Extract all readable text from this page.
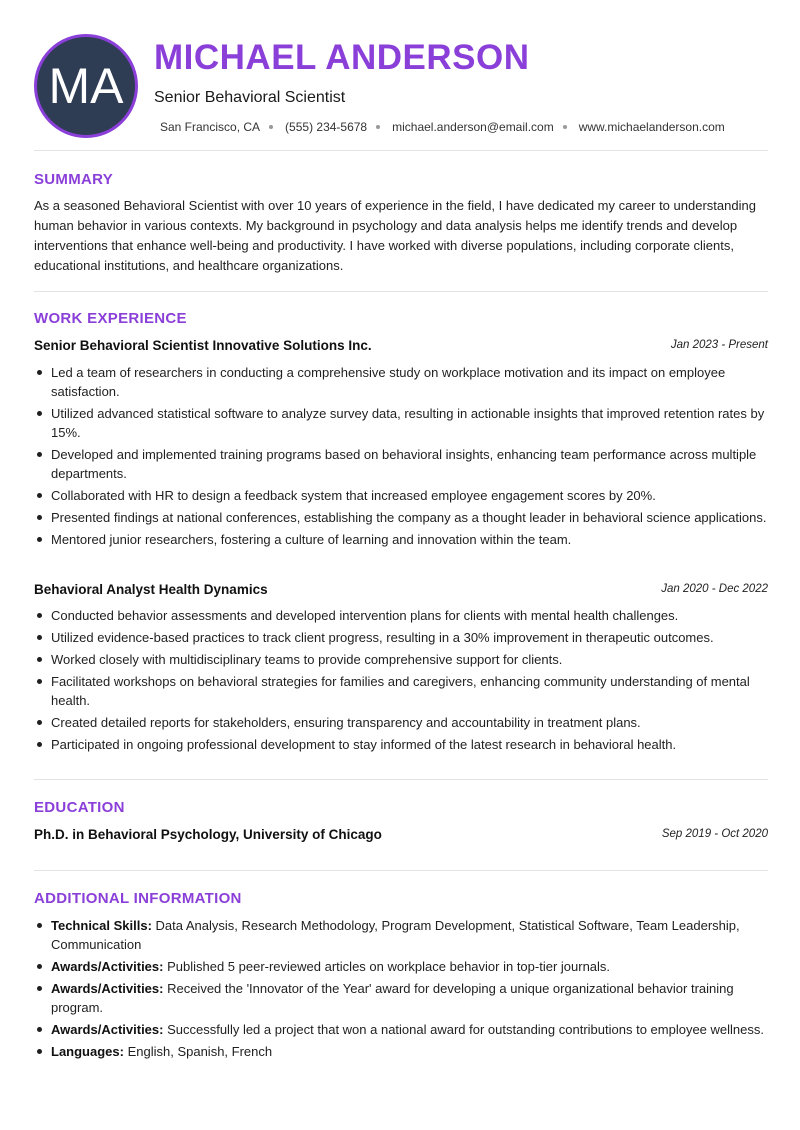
MA
MICHAEL ANDERSON
Senior Behavioral Scientist
San Francisco, CA (555) 234-5678 michael.anderson@email.com www.michaelanderson.com
SUMMARY
As a seasoned Behavioral Scientist with over 10 years of experience in the field, I have dedicated my career to understanding human behavior in various contexts. My background in psychology and data analysis helps me identify trends and develop interventions that enhance well-being and productivity. I have worked with diverse populations, including corporate clients, educational institutions, and healthcare organizations.
WORK EXPERIENCE
Senior Behavioral Scientist Innovative Solutions Inc.	Jan 2023 - Present
Led a team of researchers in conducting a comprehensive study on workplace motivation and its impact on employee satisfaction.
Utilized advanced statistical software to analyze survey data, resulting in actionable insights that improved retention rates by 15%.
Developed and implemented training programs based on behavioral insights, enhancing team performance across multiple departments.
Collaborated with HR to design a feedback system that increased employee engagement scores by 20%.
Presented findings at national conferences, establishing the company as a thought leader in behavioral science applications.
Mentored junior researchers, fostering a culture of learning and innovation within the team.
Behavioral Analyst Health Dynamics	Jan 2020 - Dec 2022
Conducted behavior assessments and developed intervention plans for clients with mental health challenges.
Utilized evidence-based practices to track client progress, resulting in a 30% improvement in therapeutic outcomes.
Worked closely with multidisciplinary teams to provide comprehensive support for clients.
Facilitated workshops on behavioral strategies for families and caregivers, enhancing community understanding of mental health.
Created detailed reports for stakeholders, ensuring transparency and accountability in treatment plans.
Participated in ongoing professional development to stay informed of the latest research in behavioral health.
EDUCATION
Ph.D. in Behavioral Psychology, University of Chicago	Sep 2019 - Oct 2020
ADDITIONAL INFORMATION
Technical Skills: Data Analysis, Research Methodology, Program Development, Statistical Software, Team Leadership, Communication
Awards/Activities: Published 5 peer-reviewed articles on workplace behavior in top-tier journals.
Awards/Activities: Received the 'Innovator of the Year' award for developing a unique organizational behavior training program.
Awards/Activities: Successfully led a project that won a national award for outstanding contributions to employee wellness.
Languages: English, Spanish, French
